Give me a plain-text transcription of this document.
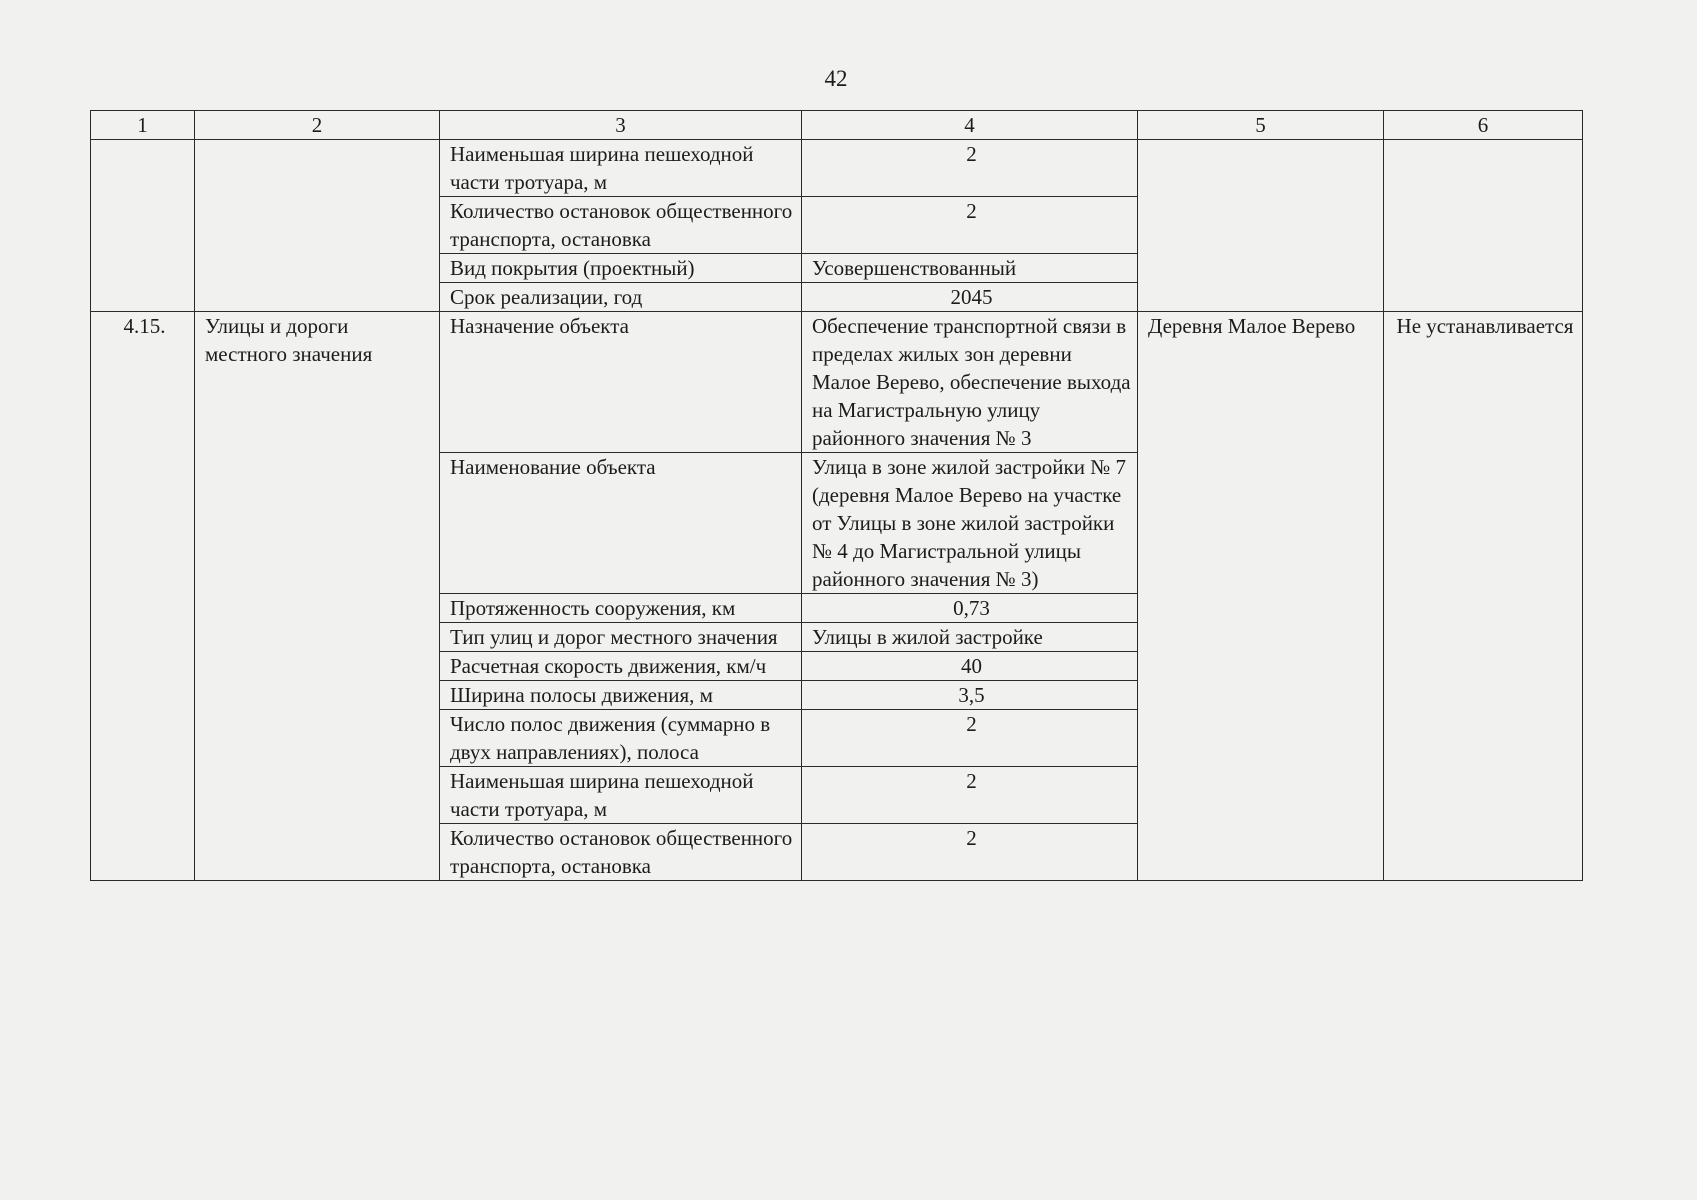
42
1	2	3	4	5	6
		Наименьшая ширина пешеходной части тротуара, м	2		
		Количество остановок общественного транспорта, остановка	2		
		Вид покрытия (проектный)	Усовершенствованный		
		Срок реализации, год	2045		
4.15.	Улицы и дороги местного значения	Назначение объекта	Обеспечение транспортной связи в пределах жилых зон деревни Малое Верево, обеспечение выхода на Магистральную улицу районного значения № 3	Деревня Малое Верево	Не устанавливается
		Наименование объекта	Улица в зоне жилой застройки № 7 (деревня Малое Верево на участке от Улицы в зоне жилой застройки № 4 до Магистральной улицы районного значения № 3)		
		Протяженность сооружения, км	0,73		
		Тип улиц и дорог местного значения	Улицы в жилой застройке		
		Расчетная скорость движения, км/ч	40		
		Ширина полосы движения, м	3,5		
		Число полос движения (суммарно в двух направлениях), полоса	2		
		Наименьшая ширина пешеходной части тротуара, м	2		
		Количество остановок общественного транспорта, остановка	2		
